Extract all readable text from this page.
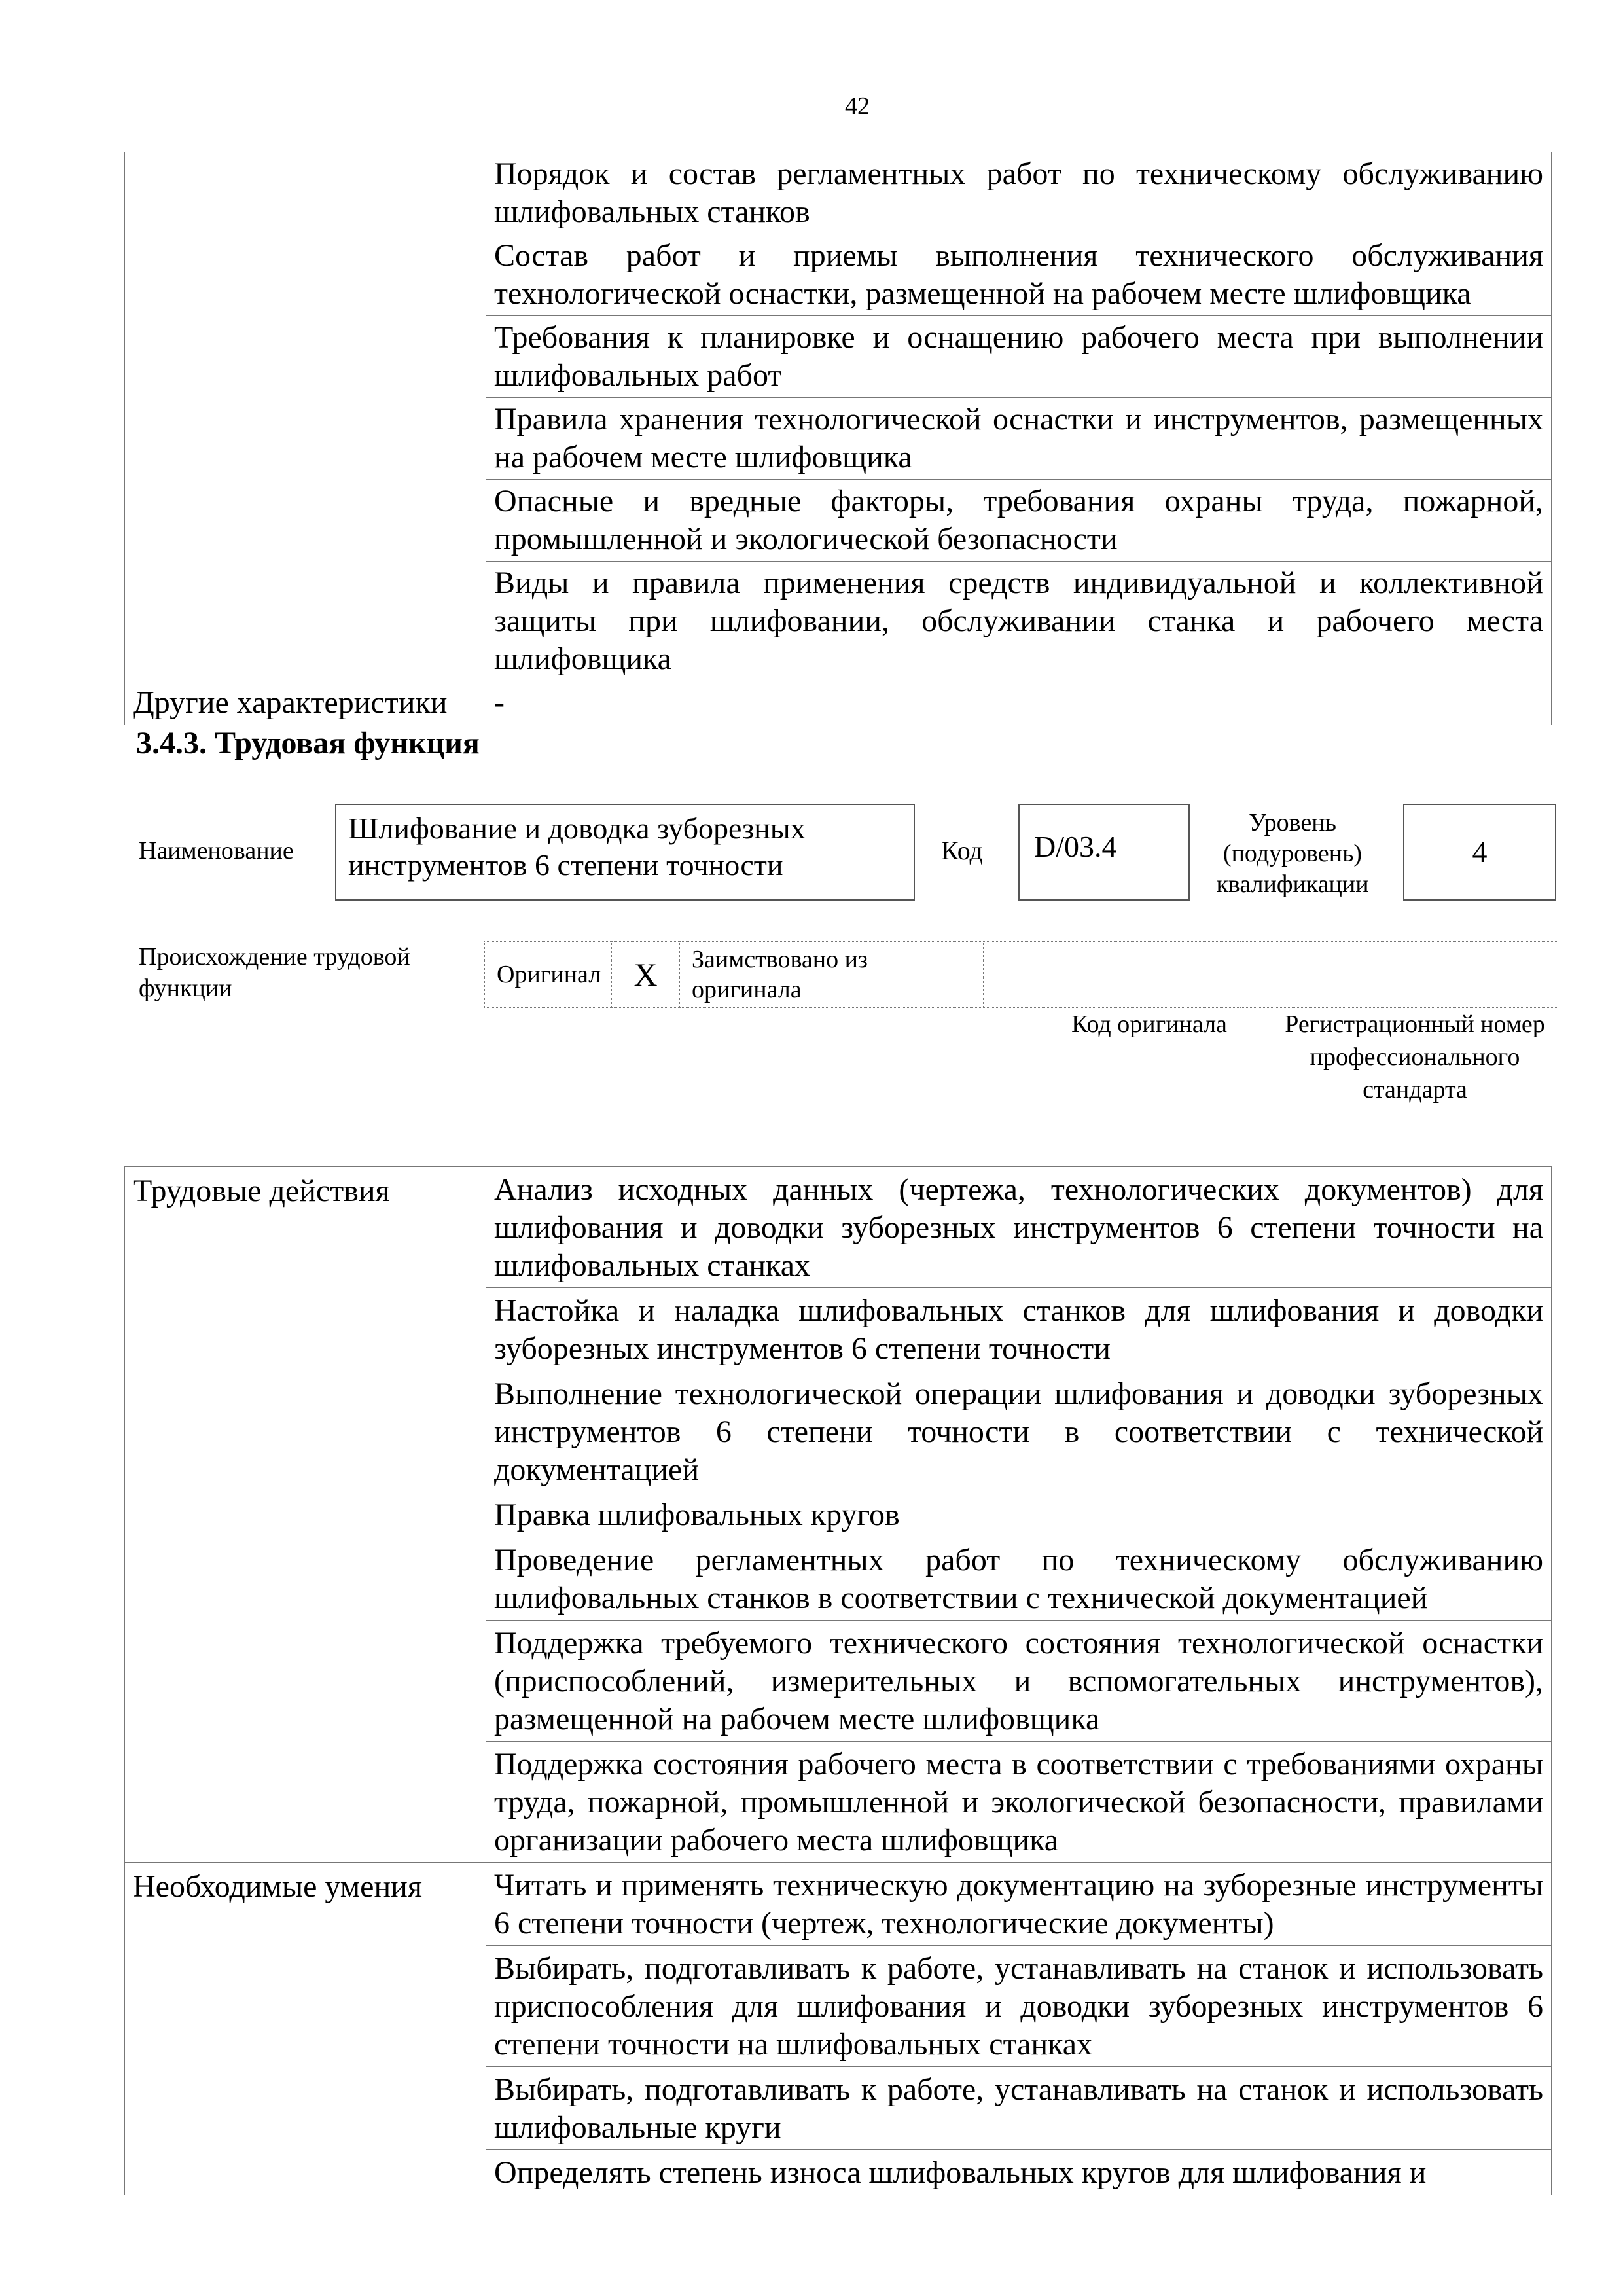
42
	Порядок и состав регламентных работ по техническому обслуживанию шлифовальных станков
	Состав работ и приемы выполнения технического обслуживания технологической оснастки, размещенной на рабочем месте шлифовщика
	Требования к планировке и оснащению рабочего места при выполнении шлифовальных работ
	Правила хранения технологической оснастки и инструментов, размещенных на рабочем месте шлифовщика
	Опасные и вредные факторы, требования охраны труда, пожарной, промышленной и экологической безопасности
	Виды и правила применения средств индивидуальной и коллективной защиты при шлифовании, обслуживании станка и рабочего места шлифовщика
Другие характеристики	-
3.4.3. Трудовая функция
Наименование
Шлифование и доводка зуборезных инструментов 6 степени точности	Код	D/03.4
Уровень (подуровень) квалификации
4
Происхождение трудовой функции	Оригинал	X	Заимствовано из оригинала		
Код оригинала	Регистрационный номер профессионального стандарта
Трудовые действия	Анализ исходных данных (чертежа, технологических документов) для шлифования и доводки зуборезных инструментов 6 степени точности на шлифовальных станках
	Настойка и наладка шлифовальных станков для шлифования и доводки зуборезных инструментов 6 степени точности
	Выполнение технологической операции шлифования и доводки зуборезных инструментов 6 степени точности в соответствии с технической документацией
	Правка шлифовальных кругов
	Проведение регламентных работ по техническому обслуживанию шлифовальных станков в соответствии с технической документацией
	Поддержка требуемого технического состояния технологической оснастки (приспособлений, измерительных и вспомогательных инструментов), размещенной на рабочем месте шлифовщика
	Поддержка состояния рабочего места в соответствии с требованиями охраны труда, пожарной, промышленной и экологической безопасности, правилами организации рабочего места шлифовщика
Необходимые умения	Читать и применять техническую документацию на зуборезные инструменты 6 степени точности (чертеж, технологические документы)
	Выбирать, подготавливать к работе, устанавливать на станок и использовать приспособления для шлифования и доводки зуборезных инструментов 6 степени точности на шлифовальных станках
	Выбирать, подготавливать к работе, устанавливать на станок и использовать шлифовальные круги
	Определять степень износа шлифовальных кругов для шлифования и
